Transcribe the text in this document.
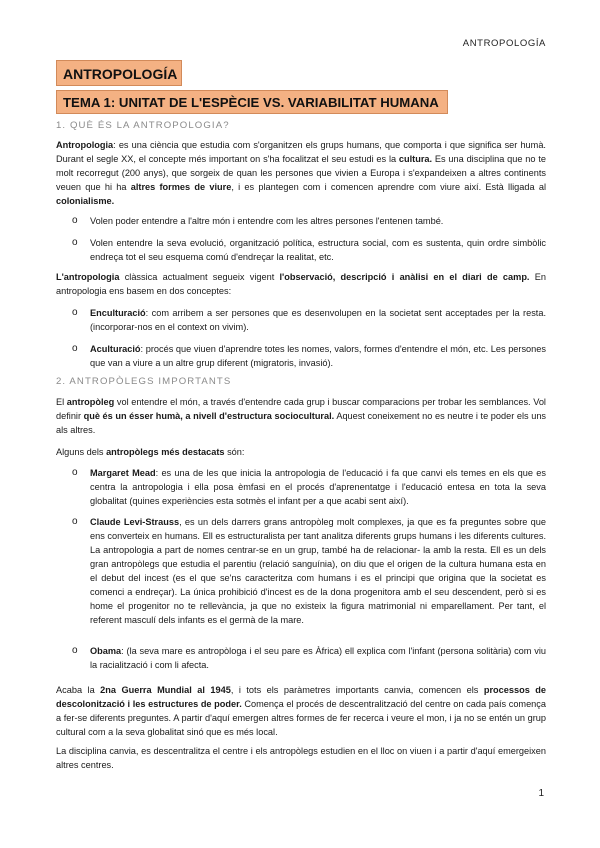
ANTROPOLOGÍA
ANTROPOLOGÍA
TEMA 1: UNITAT DE L'ESPÈCIE VS. VARIABILITAT HUMANA
1. QUÈ ÉS LA ANTROPOLOGIA?
Antropologia: es una ciència que estudia com s'organitzen els grups humans, que comporta i que significa ser humà. Durant el segle XX, el concepte més important on s'ha focalitzat el seu estudi es la cultura. Es una disciplina que no te molt recorregut (200 anys), que sorgeix de quan les persones que vivien a Europa i s'expandeixen a altres continents veuen que hi ha altres formes de viure, i es plantegen com i comencen aprendre com viure així. Està lligada al colonialisme.
o Volen poder entendre a l'altre món i entendre com les altres persones l'entenen també.
o Volen entendre la seva evolució, organització política, estructura social, com es sustenta, quin ordre simbòlic endreça tot el seu esquema comú d'endreçar la realitat, etc.
L'antropologia clàssica actualment segueix vigent l'observació, descripció i anàlisi en el diari de camp. En antropologia ens basem en dos conceptes:
o Enculturació: com arribem a ser persones que es desenvolupen en la societat sent acceptades per la resta. (incorporar-nos en el context on vivim).
o Aculturació: procés que viuen d'aprendre totes les nomes, valors, formes d'entendre el món, etc. Les persones que van a viure a un altre grup diferent (migratoris, invasió).
2. ANTROPÒLEGS IMPORTANTS
El antropòleg vol entendre el món, a través d'entendre cada grup i buscar comparacions per trobar les semblances. Vol definir què és un ésser humà, a nivell d'estructura sociocultural. Aquest coneixement no es neutre i te poder els uns als altres.
Alguns dels antropòlegs més destacats són:
o Margaret Mead: es una de les que inicia la antropologia de l'educació i fa que canvi els temes en els que es centra la antropologia i ella posa èmfasi en el procés d'aprenentatge i l'educació entesa en tota la seva globalitat (quines experiències esta sotmès el infant per a que acabi sent així).
o Claude Levi-Strauss, es un dels darrers grans antropòleg molt complexes, ja que es fa preguntes sobre que ens converteix en humans. Ell es estructuralista per tant analitza diferents grups humans i les diferents cultures. La antropologia a part de nomes centrar-se en un grup, també ha de relacionar- la amb la resta. Ell es un dels gran antropòlegs que estudia el parentiu (relació sanguínia), on diu que el origen de la cultura humana esta en el debut del incest (es el que se'ns caracteritza com humans i es el principi que origina que la societat es comenci a endreçar). La única prohibició d'incest es de la dona progenitora amb el seu descendent, però si es home el progenitor no te rellevància, ja que no existeix la figura matrimonial ni emparellament. Per tant, el referent masculí dels infants es el germà de la mare.
o Obama: (la seva mare es antropòloga i el seu pare es Àfrica) ell explica com l'infant (persona solitària) com viu la racialització i com li afecta.
Acaba la 2na Guerra Mundial al 1945, i tots els paràmetres importants canvia, comencen els processos de descolonització i les estructures de poder. Comença el procés de descentralització del centre on cada país comença a fer-se diferents preguntes. A partir d'aquí emergen altres formes de fer recerca i veure el mon, i ja no se entén un grup cultural com a la seva globalitat sinó que es més local.
La disciplina canvia, es descentralitza el centre i els antropòlegs estudien en el lloc on viuen i a partir d'aquí emergeixen altres centres.
1
